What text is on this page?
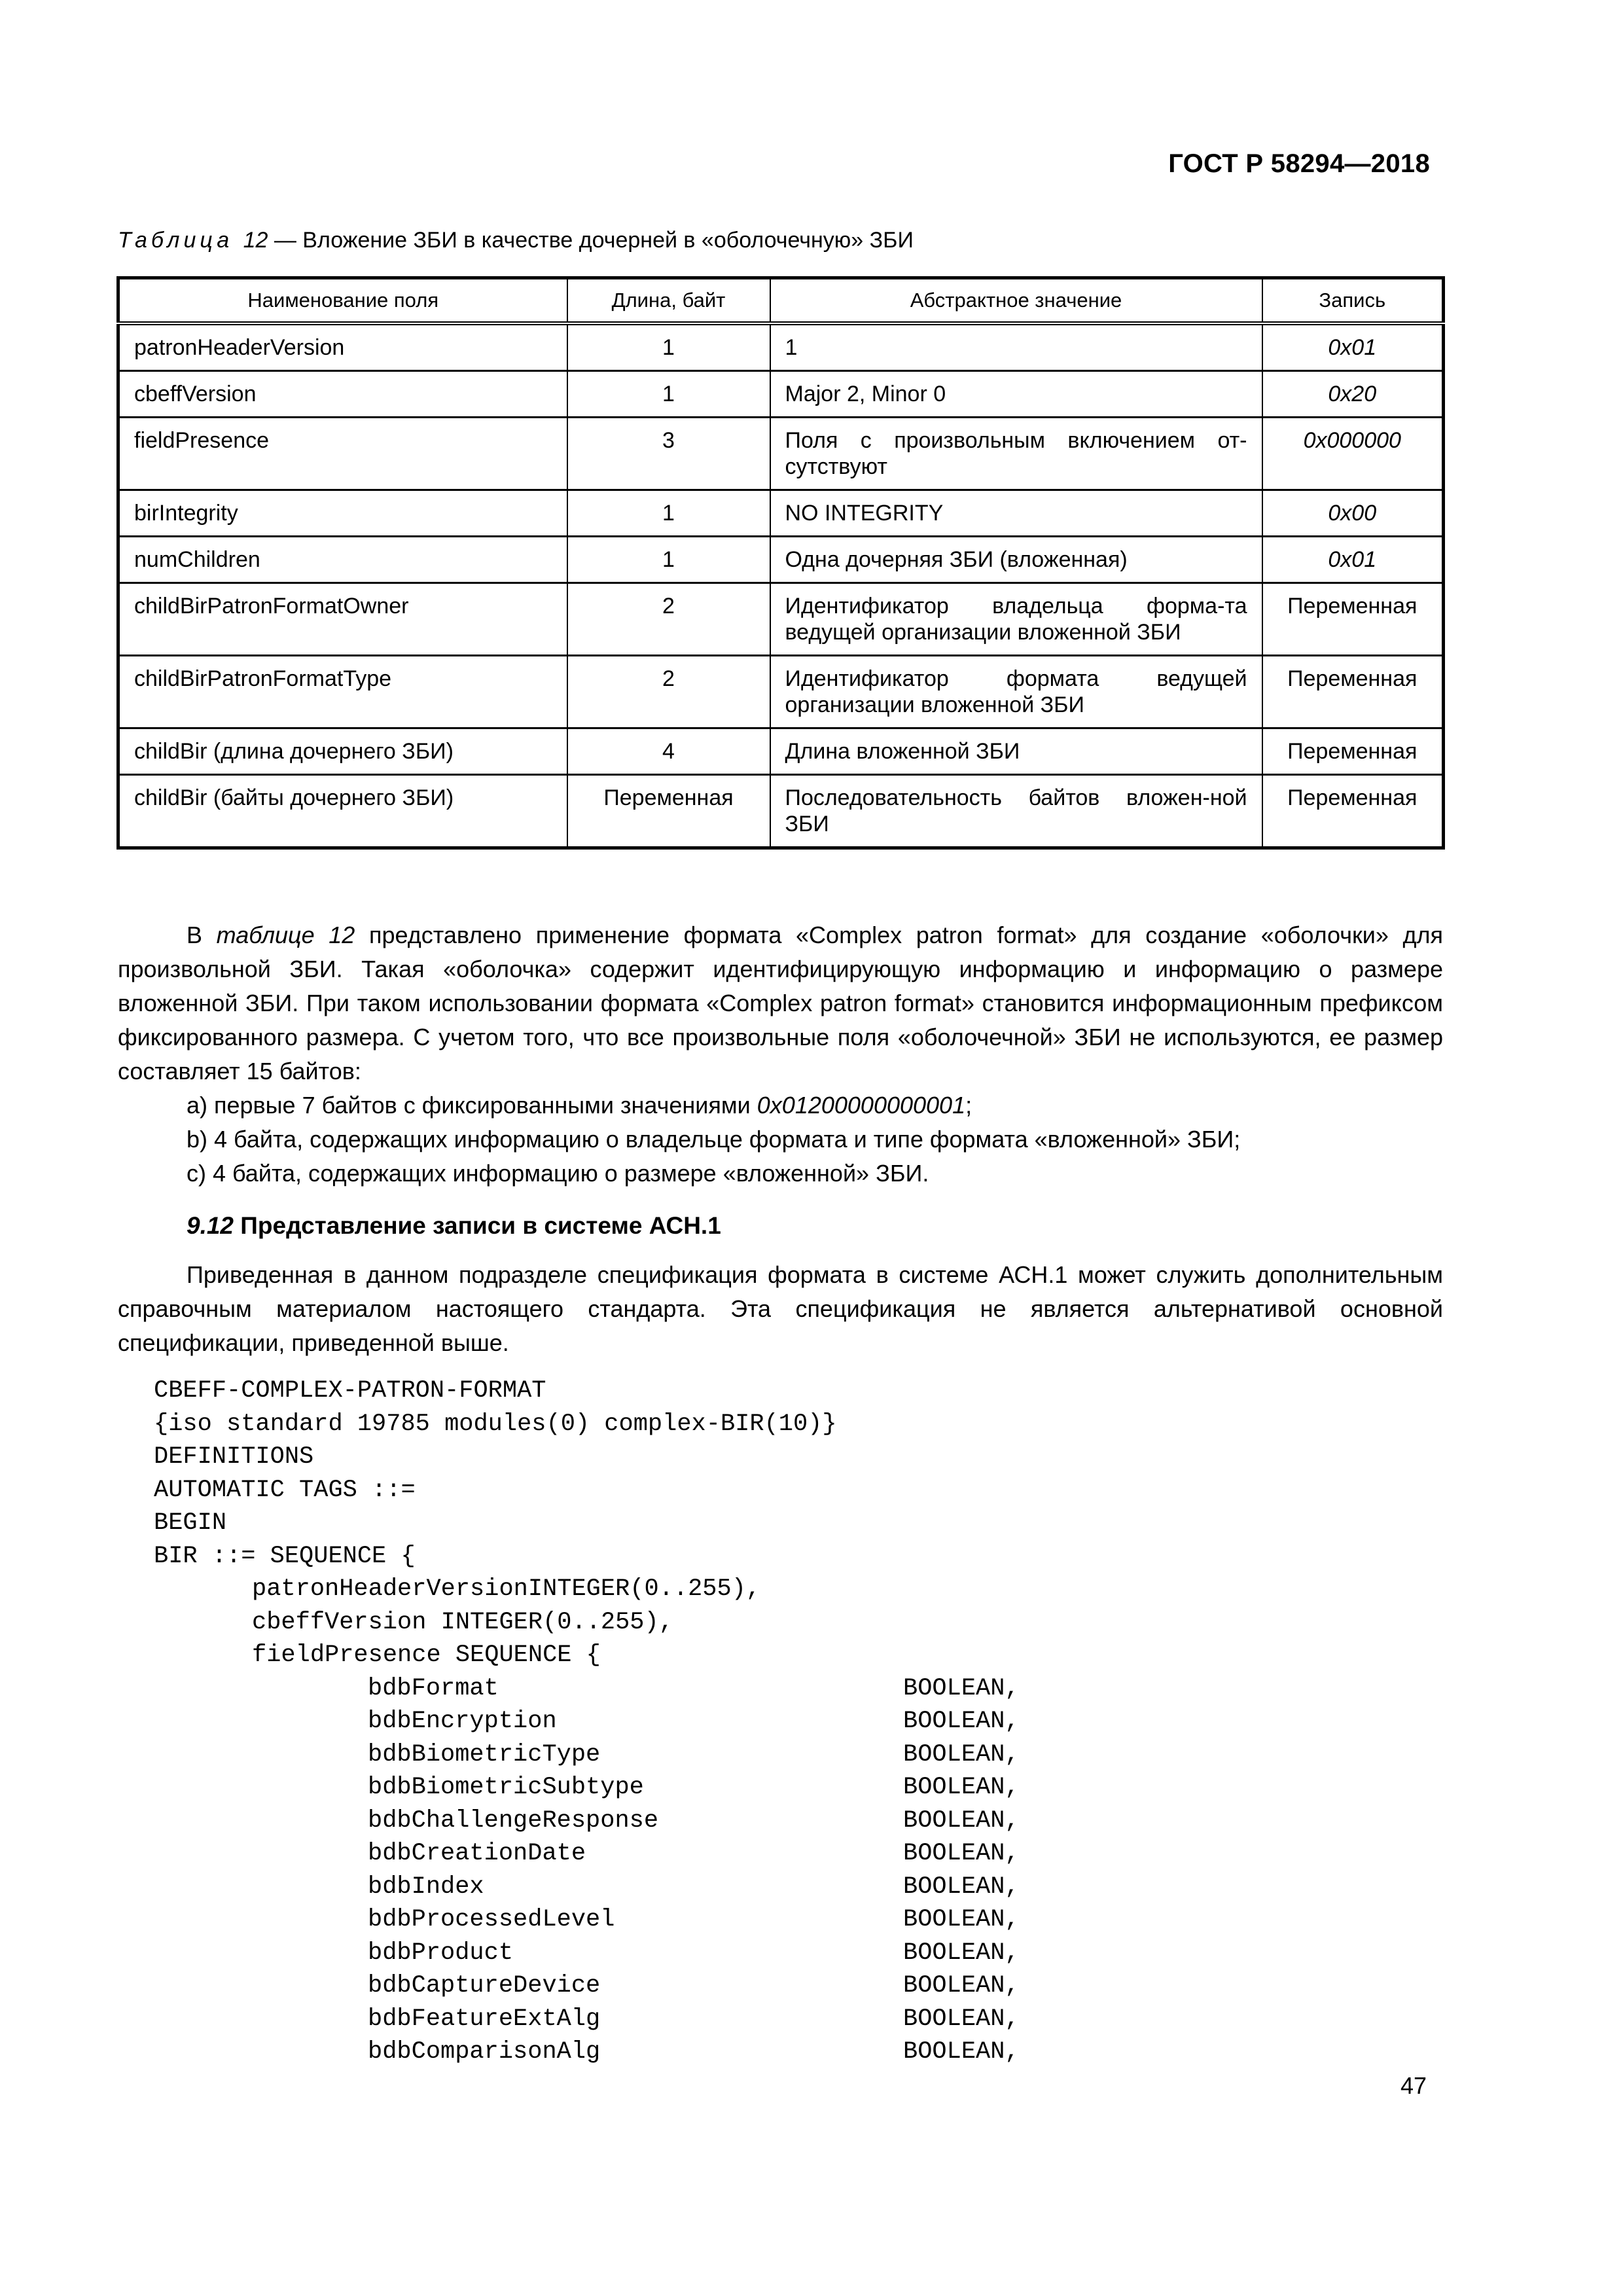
ГОСТ Р 58294—2018
Таблица 12 — Вложение ЗБИ в качестве дочерней в «оболочечную» ЗБИ
Наименование поля	Длина, байт	Абстрактное значение	Запись
patronHeaderVersion	1	1	0x01
cbeffVersion	1	Major 2, Minor 0	0x20
fieldPresence	3	Поля с произвольным включением от-сутствуют	0x000000
birIntegrity	1	NO INTEGRITY	0x00
numChildren	1	Одна дочерняя ЗБИ (вложенная)	0x01
childBirPatronFormatOwner	2	Идентификатор владельца форма-та ведущей организации вложенной ЗБИ	Переменная
childBirPatronFormatType	2	Идентификатор формата ведущей организации вложенной ЗБИ	Переменная
childBir (длина дочернего ЗБИ)	4	Длина вложенной ЗБИ	Переменная
childBir (байты дочернего ЗБИ)	Переменная	Последовательность байтов вложен-ной ЗБИ	Переменная

В таблице 12 представлено применение формата «Complex patron format» для создание «оболочки» для произвольной ЗБИ. Такая «оболочка» содержит идентифицирующую информацию и информацию о размере вложенной ЗБИ. При таком использовании формата «Complex patron format» становится информационным префиксом фиксированного размера. С учетом того, что все произвольные поля «оболочечной» ЗБИ не используются, ее размер составляет 15 байтов:

a) первые 7 байтов с фиксированными значениями 0x01200000000001;

b) 4 байта, содержащих информацию о владельце формата и типе формата «вложенной» ЗБИ;

c) 4 байта, содержащих информацию о размере «вложенной» ЗБИ.

9.12 Представление записи в системе АСН.1

Приведенная в данном подразделе спецификация формата в системе АСН.1 может служить дополнительным справочным материалом настоящего стандарта. Эта спецификация не является альтернативой основной спецификации, приведенной выше.

CBEFF-COMPLEX-PATRON-FORMAT
{iso standard 19785 modules(0) complex-BIR(10)}
DEFINITIONS
AUTOMATIC TAGS ::=
BEGIN
BIR ::= SEQUENCE {
patronHeaderVersionINTEGER(0..255),
cbeffVersion INTEGER(0..255),
fieldPresence SEQUENCE {
bdbFormat	BOOLEAN,
bdbEncryption	BOOLEAN,
bdbBiometricType	BOOLEAN,
bdbBiometricSubtype	BOOLEAN,
bdbChallengeResponse	BOOLEAN,
bdbCreationDate	BOOLEAN,
bdbIndex	BOOLEAN,
bdbProcessedLevel	BOOLEAN,
bdbProduct	BOOLEAN,
bdbCaptureDevice	BOOLEAN,
bdbFeatureExtAlg	BOOLEAN,
bdbComparisonAlg	BOOLEAN,
47
